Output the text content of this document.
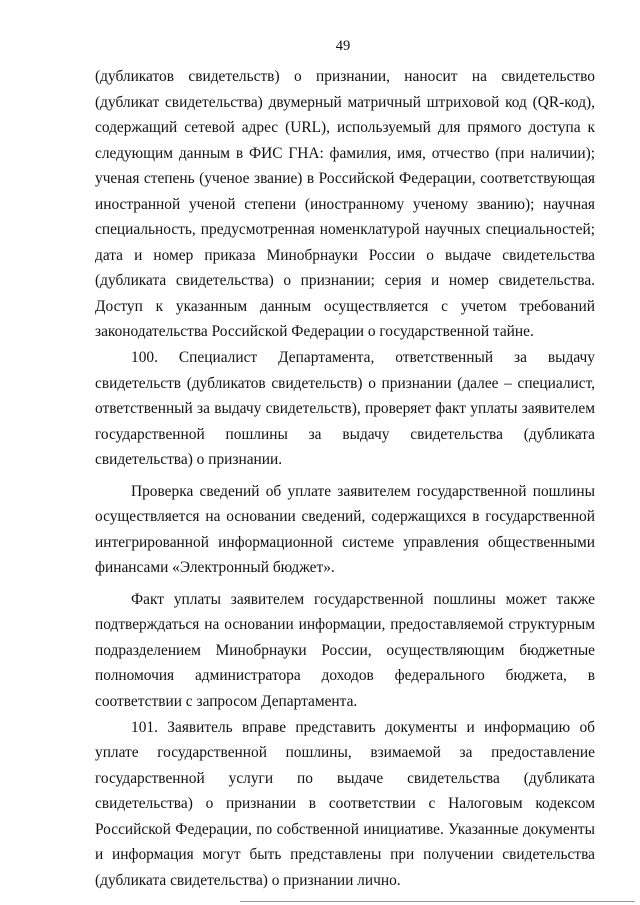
49

(дубликатов свидетельств) о признании, наносит на свидетельство (дубликат свидетельства) двумерный матричный штриховой код (QR-код), содержащий сетевой адрес (URL), используемый для прямого доступа к следующим данным в ФИС ГНА: фамилия, имя, отчество (при наличии); ученая степень (ученое звание) в Российской Федерации, соответствующая иностранной ученой степени (иностранному ученому званию); научная специальность, предусмотренная номенклатурой научных специальностей; дата и номер приказа Минобрнауки России о выдаче свидетельства (дубликата свидетельства) о признании; серия и номер свидетельства. Доступ к указанным данным осуществляется с учетом требований законодательства Российской Федерации о государственной тайне.

100. Специалист Департамента, ответственный за выдачу свидетельств (дубликатов свидетельств) о признании (далее – специалист, ответственный за выдачу свидетельств), проверяет факт уплаты заявителем государственной пошлины за выдачу свидетельства (дубликата свидетельства) о признании.

Проверка сведений об уплате заявителем государственной пошлины осуществляется на основании сведений, содержащихся в государственной интегрированной информационной системе управления общественными финансами «Электронный бюджет».

Факт уплаты заявителем государственной пошлины может также подтверждаться на основании информации, предоставляемой структурным подразделением Минобрнауки России, осуществляющим бюджетные полномочия администратора доходов федерального бюджета, в соответствии с запросом Департамента.

101. Заявитель вправе представить документы и информацию об уплате государственной пошлины, взимаемой за предоставление государственной услуги по выдаче свидетельства (дубликата свидетельства) о признании в соответствии с Налоговым кодексом Российской Федерации, по собственной инициативе. Указанные документы и информация могут быть представлены при получении свидетельства (дубликата свидетельства) о признании лично.
